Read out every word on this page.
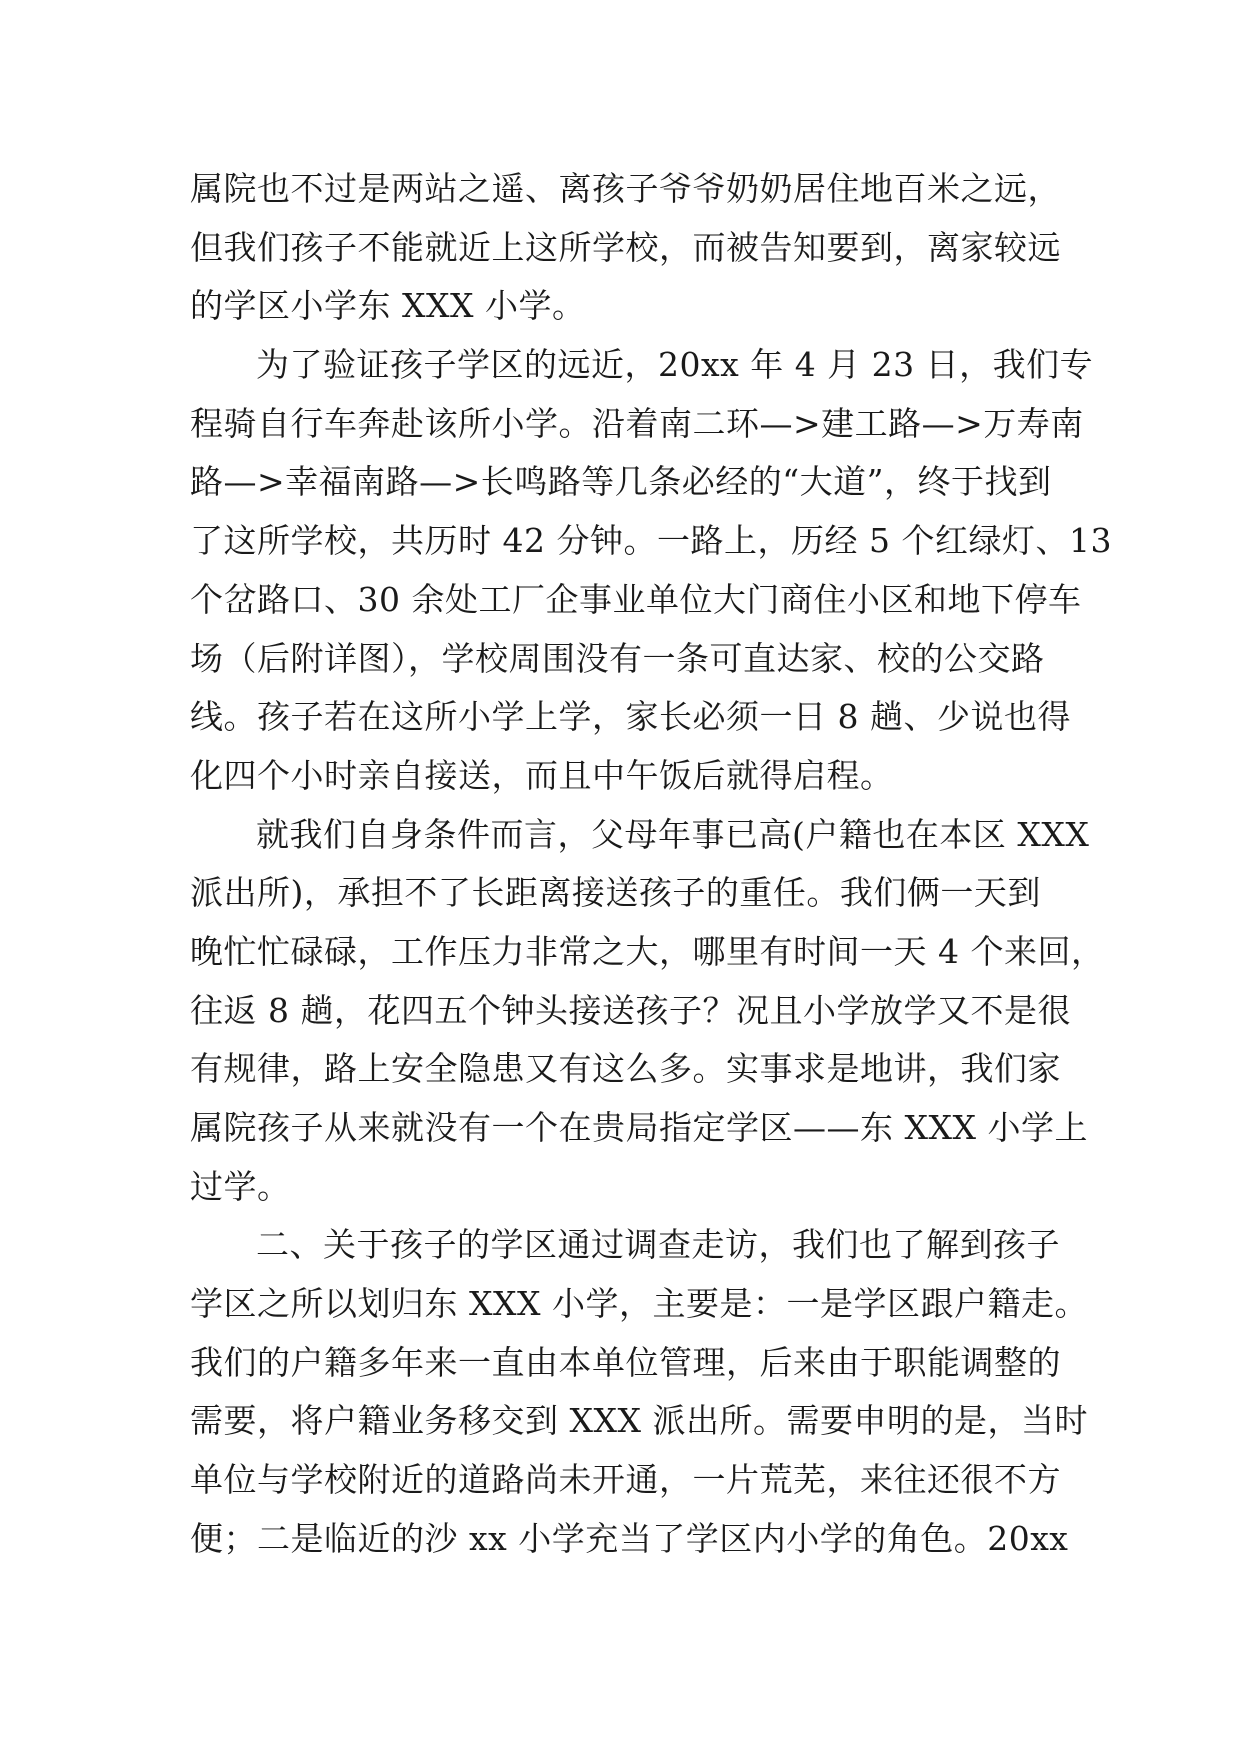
属院也不过是两站之遥、离孩子爷爷奶奶居住地百米之远，
但我们孩子不能就近上这所学校，而被告知要到，离家较远
的学区小学东 XXX 小学。
为了验证孩子学区的远近，20xx 年 4 月 23 日，我们专
程骑自行车奔赴该所小学。沿着南二环—>建工路—>万寿南
路—>幸福南路—>长鸣路等几条必经的“大道”，终于找到
了这所学校，共历时 42 分钟。一路上，历经 5 个红绿灯、13
个岔路口、30 余处工厂企事业单位大门商住小区和地下停车
场（后附详图），学校周围没有一条可直达家、校的公交路
线。孩子若在这所小学上学，家长必须一日 8 趟、少说也得
化四个小时亲自接送，而且中午饭后就得启程。
就我们自身条件而言，父母年事已高(户籍也在本区 XXX
派出所)，承担不了长距离接送孩子的重任。我们俩一天到
晚忙忙碌碌，工作压力非常之大，哪里有时间一天 4 个来回，
往返 8 趟，花四五个钟头接送孩子？况且小学放学又不是很
有规律，路上安全隐患又有这么多。实事求是地讲，我们家
属院孩子从来就没有一个在贵局指定学区——东 XXX 小学上
过学。
二、关于孩子的学区通过调查走访，我们也了解到孩子
学区之所以划归东 XXX 小学，主要是：一是学区跟户籍走。
我们的户籍多年来一直由本单位管理，后来由于职能调整的
需要，将户籍业务移交到 XXX 派出所。需要申明的是，当时
单位与学校附近的道路尚未开通，一片荒芜，来往还很不方
便；二是临近的沙 xx 小学充当了学区内小学的角色。20xx
